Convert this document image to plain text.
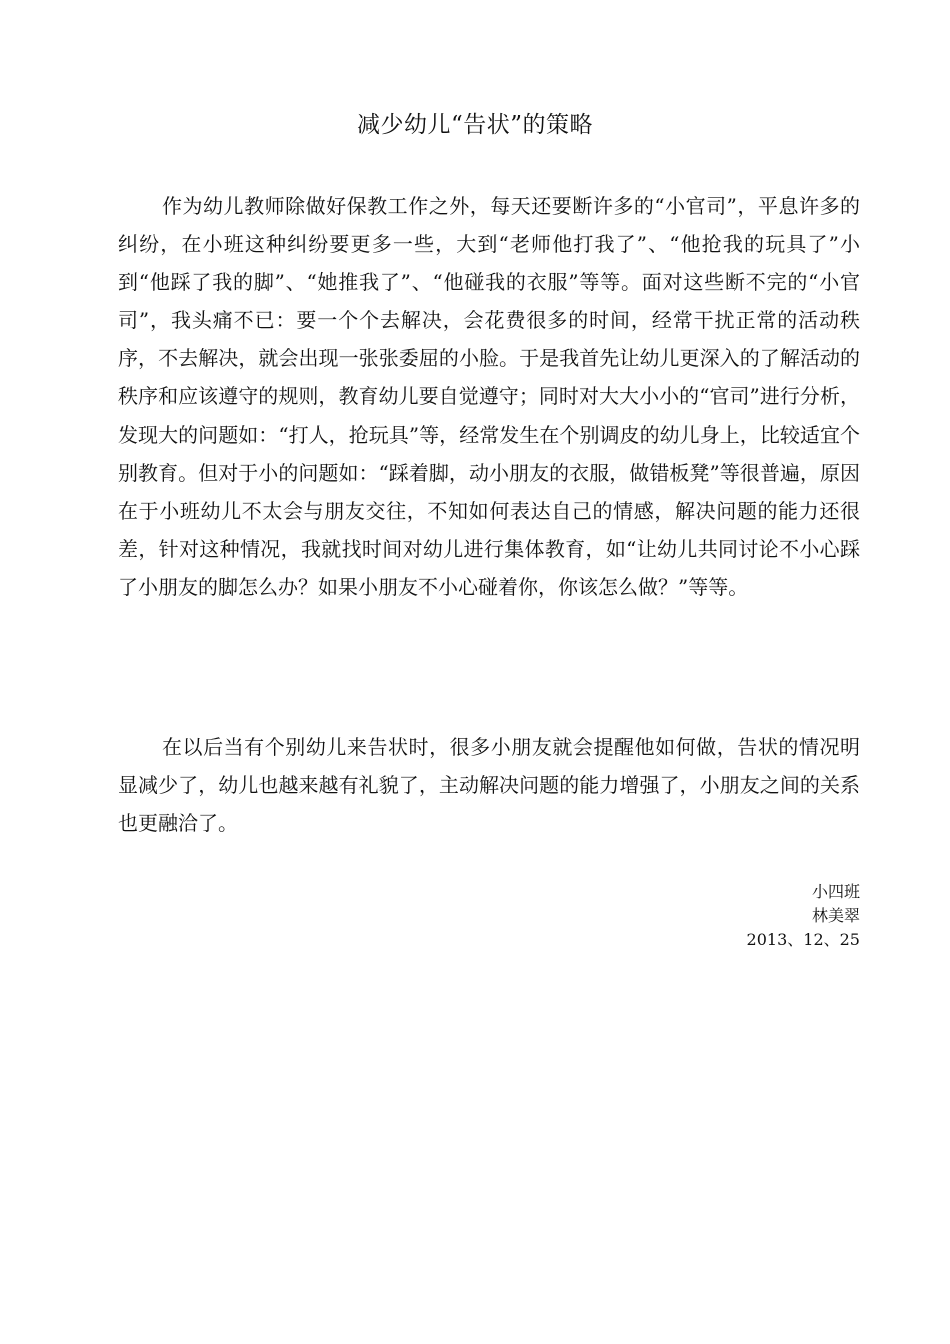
减少幼儿“告状”的策略

作为幼儿教师除做好保教工作之外，每天还要断许多的“小官司”，平息许多的纠纷，在小班这种纠纷要更多一些，大到“老师他打我了”、“他抢我的玩具了”小到“他踩了我的脚”、“她推我了”、“他碰我的衣服”等等。面对这些断不完的“小官司”，我头痛不已：要一个个去解决，会花费很多的时间，经常干扰正常的活动秩序，不去解决，就会出现一张张委屈的小脸。于是我首先让幼儿更深入的了解活动的秩序和应该遵守的规则，教育幼儿要自觉遵守；同时对大大小小的“官司”进行分析，发现大的问题如：“打人，抢玩具”等，经常发生在个别调皮的幼儿身上，比较适宜个别教育。但对于小的问题如：“踩着脚，动小朋友的衣服，做错板凳”等很普遍，原因在于小班幼儿不太会与朋友交往，不知如何表达自己的情感，解决问题的能力还很差，针对这种情况，我就找时间对幼儿进行集体教育，如“让幼儿共同讨论不小心踩了小朋友的脚怎么办？如果小朋友不小心碰着你，你该怎么做？”等等。

在以后当有个别幼儿来告状时，很多小朋友就会提醒他如何做，告状的情况明显减少了，幼儿也越来越有礼貌了，主动解决问题的能力增强了，小朋友之间的关系也更融洽了。

小四班
林美翠
2013、12、25
